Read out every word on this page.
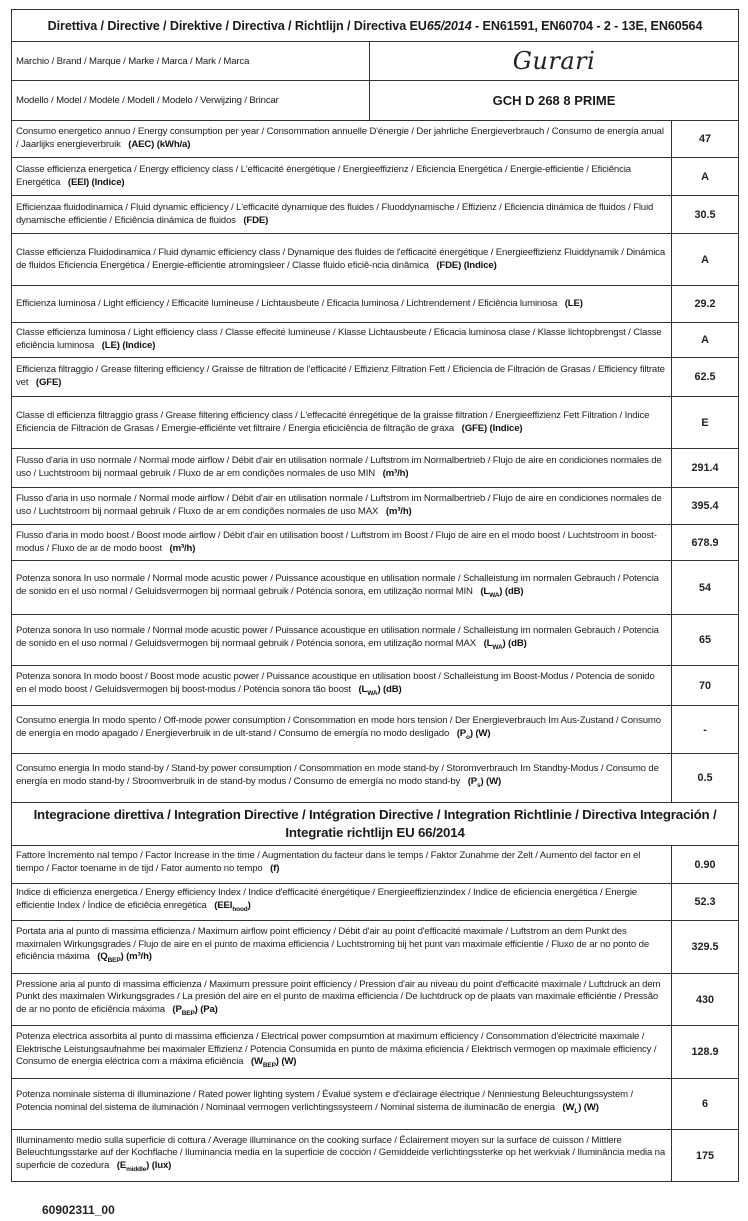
Direttiva / Directive / Direktive / Directiva / Richtlijn / Directiva EU65/2014 - EN61591, EN60704 - 2 - 13E, EN60564		
Marchio / Brand / Marque / Marke / Marca / Mark / Marca	Gurari	
Modello / Model / Modèle / Modell / Modelo / Verwijzing / Brincar	GCH D 268 8 PRIME	
Consumo energetico annuo / Energy consumption per year / Consommation annuelle D'énergie / Der jahrliche Energieverbrauch / Consumo de energía anual / Jaarlijks energieverbruik (AEC) (kWh/a)		47
Classe efficienza energetica / Energy efficiency class / L'efficacité énergétique / Energieeffizienz / Eficiencia Energética / Energie-efficientie / Eficiência Energética (EEI) (Indice)		A
Efficienzaa fluidodinamica / Fluid dynamic efficiency / L'efficacité dynamique des fluides / Fluoddynamische / Effizienz / Eficiencia dinámica de fluidos / Fluid dynamische efficientie / Eficiência dinámica de fluidos (FDE)		30.5
Classe efficienza Fluidodinamica / Fluid dynamic efficiency class / Dynamique des fluides de l'efficacité énergétique / Energieeffizienz Fluiddynamik / Dinámica de fluidos Eficiencia Energética / Energie-efficientie atromingsleer / Classe fluido eficiê-ncia dinâmica (FDE) (Indice)		A
Efficienza luminosa / Light efficiency / Efficacité lumineuse / Lichtausbeute / Eficacia luminosa / Lichtrendement / Eficiência luminosa (LE)		29.2
Classe efficienza luminosa / Light efficiency class / Classe effecité lumineuse / Klasse Lichtausbeute / Eficacia luminosa clase / Klasse lichtopbrengst / Classe eficiência luminosa (LE) (Indice)		A
Efficienza filtraggio / Grease filtering efficiency / Graisse de filtration de l'efficacité / Effizienz Filtration Fett / Eficiencia de Filtración de Grasas / Efficiency filtrate vet (GFE)		62.5
Classe dl efficienza filtraggio grass / Grease filtering efficiency class / L'effecacité énregétique de la graisse filtration / Energieeffizienz Fett Filtration / Indice Eficiencia de Filtración de Grasas / Emergie-efficiënte vet filtraire / Energia eficiciência de filtração de graxa (GFE) (Indice)		E
Flusso d'aria in uso normale / Normal mode airflow / Débit d'air en utilisation normale / Luftstrom im Normalbertrieb / Flujo de aire en condiciones normales de uso / Luchtstroom bij normaal gebruik / Fluxo de ar em condições normales de uso MIN (m³/h)		291.4
Flusso d'aria in uso normale / Normal mode airflow / Débit d'air en utilisation normale / Luftstrom im Normalbertrieb / Flujo de aire en condiciones normales de uso / Luchtstroom bij normaal gebruik / Fluxo de ar em condições normales de uso MAX (m³/h)		395.4
Flusso d'aria in modo boost / Boost mode airflow / Débit d'air en utilisation boost / Luftstrom im Boost / Flujo de aire en el modo boost / Luchtstroom in boost-modus / Fluxo de ar de modo boost (m³/h)		678.9
Potenza sonora In uso normale / Normal mode acustic power / Puissance acoustique en utilisation normale / Schalleistung im normalen Gebrauch / Potencia de sonido en el uso normal / Geluidsvermogen bij normaal gebruik / Poténcia sonora, em utilização normal MIN $(L_{WA})$ (dB)		54
Potenza sonora In uso normale / Normal mode acustic power / Puissance acoustique en utilisation normale / Schalleistung im normalen Gebrauch / Potencia de sonido en el uso normal / Geluidsvermogen bij normaal gebruik / Poténcia sonora, em utilização normal MAX $(L_{WA})$ (dB)		65
Potenza sonora In modo boost / Boost mode acustic power / Puissance acoustique en utilisation boost / Schalleistung im Boost-Modus / Potencia de sonido en el modo boost / Geluidsvermogen bij boost-modus / Poténcia sonora tão boost $(L_{WA})$ (dB)		70
Consumo energia In modo spento / Off-mode power consumption / Consommation en mode hors tension / Der Energieverbrauch Im Aus-Zustand / Consumo de energía en modo apagado / Energieverbruik in de ult-stand / Consumo de emergía no modo desligado $(P_o)$ (W)		-
Consumo energia In modo stand-by / Stand-by power consumption / Consommation en mode stand-by / Storomverbrauch Im Standby-Modus / Consumo de energía en modo stand-by / Stroomverbruik in de stand-by modus / Consumo de emergía no modo stand-by $(P_s)$ (W)		0.5
Integracione direttiva / Integration Directive / Intégration Directive / Integration Richtlinie / Directiva Integración / Integratie richtlijn EU 66/2014		
Fattore Incremento nal tempo / Factor Increase in the time / Augmentation du facteur dans le temps / Faktor Zunahme der Zelt / Aumento del factor en el tiempo / Factor toename in de tijd / Fator aumento no tempo (f)		0.90
Indice di efficienza energetica / Energy efficiency Index / Indice d'efficacité énergétique / Energieeffizienzindex / Indice de eficiencia energética / Energie efficientie Index / Índice de eficiêcia enregética $(EEI_{hood})$		52.3
Portata aria al punto di massima efficienza / Maximum airflow point efficiency / Débit d'air au point d'efficacité maximale / Luftstrom an dem Punkt des maximalen Wirkungsgrades / Flujo de aire en el punto de maxima efficiencia / Luchtstroming bij het punt van maximale efficientie / Fluxo de ar no ponto de eficiência máxima $(Q_{BEP})$ (m³/h)		329.5
Pressione aria al punto di massima efficienza / Maximum pressure point efficiency / Pression d'air au niveau du point d'efficacité maximale / Luftdruck an dem Punkt des maximalen Wirkungsgrades / La presión del aire en el punto de maxima efficiencia / De luchtdruck op de plaats van maximale efficiéntie / Pressão de ar no ponto de eficiência máxima $(P_{BEP})$ (Pa)		430
Potenza electrica assorbita al punto di massima efficienza / Electrical power compsumtion at maximum efficiency / Consommation d'électricité maximale / Elektrische Leistungsaufnahme bei maximaler Effizienz / Potencia Consumida en punto de máxima eficiencia / Elektrisch vermogen op maximale efficiency / Consumo de energia eléctrica com a máxima eficiência $(W_{BEP})$ (W)		128.9
Potenza nominale sistema di illuminazione / Rated power lighting system / Évalué system e d'éclairage électrique / Nenniestung Beleuchtungssystem / Potencia nominal del sistema de iluminación / Nominaal vermogen verlichtingssysteem / Nominal sistema de iluminacão de energia $(W_L)$ (W)		6
Illuminamento medio sulla superficie di cottura / Average illuminance on the cooking surface / Éclairement moyen sur la surface de cuisson / Mittlere Beleuchtungsstarke auf der Kochflache / Iluminancia media en la superficie de cocción / Gemiddeide verlichtingssterke op het werkviak / Iluminância media na superficie de cozedura $(E_{middle})$ (lux)		175
60902311_00
